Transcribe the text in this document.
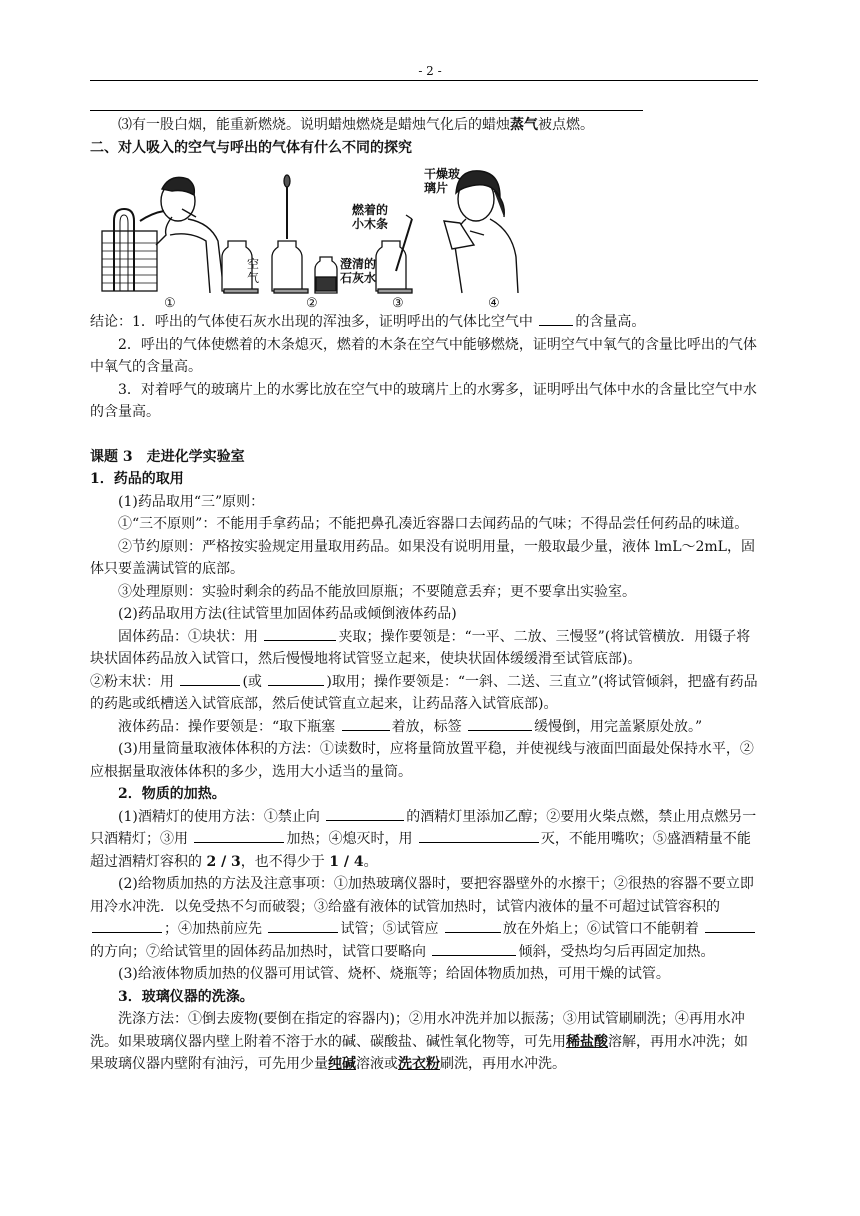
- 2 -

⑶有一股白烟，能重新燃烧。说明蜡烛燃烧是蜡烛气化后的蜡烛蒸气被点燃。

二、对人吸入的空气与呼出的气体有什么不同的探究

①	②	③	④
空
气
澄清的
石灰水
燃着的
小木条
干燥玻
璃片

结论：1．呼出的气体使石灰水出现的浑浊多，证明呼出的气体比空气中	的含量高。

2．呼出的气体使燃着的木条熄灭，燃着的木条在空气中能够燃烧，证明空气中氧气的含量比呼出的气体中氧气的含量高。

3．对着呼气的玻璃片上的水雾比放在空气中的玻璃片上的水雾多，证明呼出气体中水的含量比空气中水的含量高。

课题 3　走进化学实验室

1．药品的取用

(1)药品取用“三”原则：

①“三不原则”：不能用手拿药品；不能把鼻孔凑近容器口去闻药品的气味；不得品尝任何药品的味道。

②节约原则：严格按实验规定用量取用药品。如果没有说明用量，一般取最少量，液体 lmL～2mL，固体只要盖满试管的底部。

③处理原则：实验时剩余的药品不能放回原瓶；不要随意丢弃；更不要拿出实验室。

(2)药品取用方法(往试管里加固体药品或倾倒液体药品)

固体药品：①块状：用	夹取；操作要领是：“一平、二放、三慢竖”(将试管横放．用镊子将块状固体药品放入试管口，然后慢慢地将试管竖立起来，使块状固体缓缓滑至试管底部)。

②粉末状：用	(或	)取用；操作要领是：“一斜、二送、三直立”(将试管倾斜，把盛有药品的药匙或纸槽送入试管底部，然后使试管直立起来，让药品落入试管底部)。

液体药品：操作要领是：“取下瓶塞	着放，标签	缓慢倒，用完盖紧原处放。”

(3)用量筒量取液体体积的方法：①读数时，应将量筒放置平稳，并使视线与液面凹面最处保持水平，②应根据量取液体体积的多少，选用大小适当的量筒。

2．物质的加热。

(1)酒精灯的使用方法：①禁止向	的酒精灯里添加乙醇；②要用火柴点燃，禁止用点燃另一只酒精灯；③用	加热；④熄灭时，用	灭，不能用嘴吹；⑤盛酒精量不能超过酒精灯容积的 2 / 3，也不得少于 1 / 4。

(2)给物质加热的方法及注意事项：①加热玻璃仪器时，要把容器壁外的水擦干；②很热的容器不要立即用冷水冲洗．以免受热不匀而破裂；③给盛有液体的试管加热时，试管内液体的量不可超过试管容积的 ；④加热前应先	试管；⑤试管应	放在外焰上；⑥试管口不能朝着 的方向；⑦给试管里的固体药品加热时，试管口要略向	倾斜，受热均匀后再固定加热。

(3)给液体物质加热的仪器可用试管、烧杯、烧瓶等；给固体物质加热，可用干燥的试管。

3．玻璃仪器的洗涤。

洗涤方法：①倒去废物(要倒在指定的容器内)；②用水冲洗并加以振荡；③用试管刷刷洗；④再用水冲洗。如果玻璃仪器内壁上附着不溶于水的碱、碳酸盐、碱性氧化物等，可先用稀盐酸溶解，再用水冲洗；如果玻璃仪器内壁附有油污，可先用少量纯碱溶液或洗衣粉刷洗，再用水冲洗。
